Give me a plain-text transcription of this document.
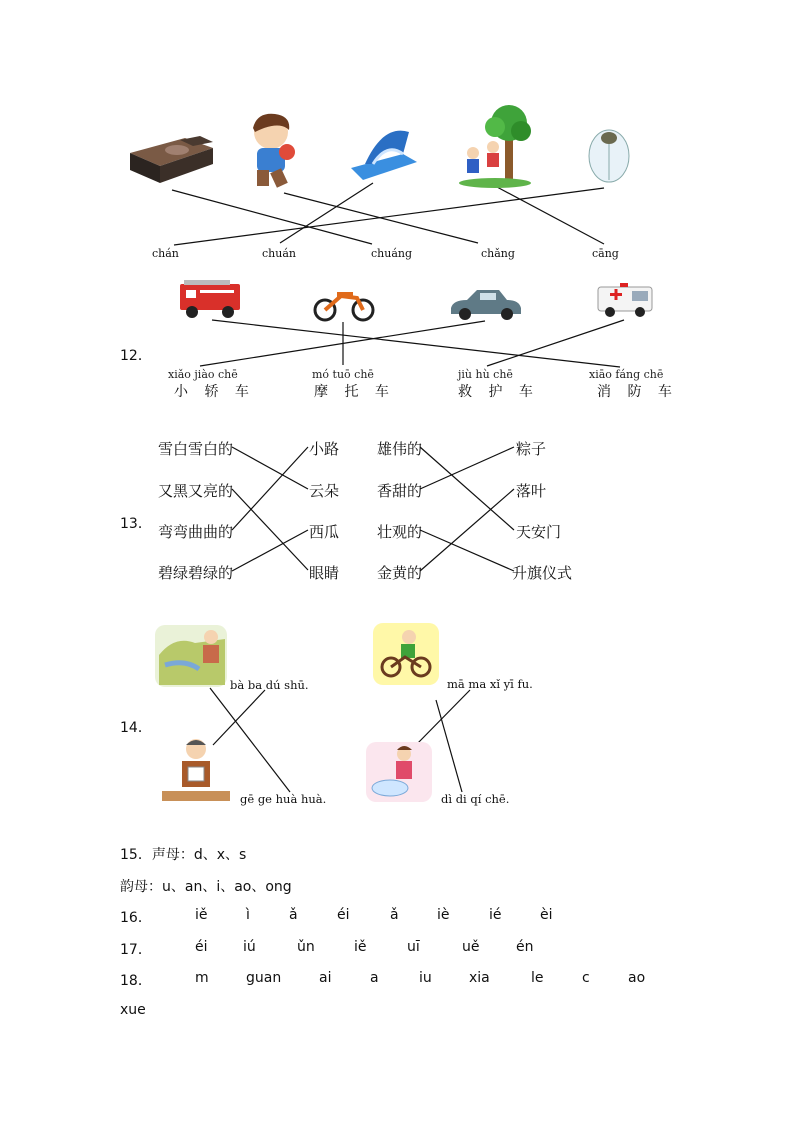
chán	chuán	chuáng	chǎng	cāng
12．
xiǎo jiào chē
小 轿 车
mó tuō chē
摩 托 车
jiù hù chē
救 护 车
xiāo fáng chē
消 防 车
13．
雪白雪白的
又黑又亮的
弯弯曲曲的
碧绿碧绿的
小路
云朵
西瓜
眼睛
雄伟的
香甜的
壮观的
金黄的
粽子
落叶
天安门
升旗仪式
14．
bà ba dú shū.	mā ma xǐ yī fu.
gē ge huà huà.	dì di qí chē.
15．声母：d、x、s
韵母：u、an、i、ao、ong
16．	iě	ì	ǎ	éi	ǎ	iè	ié	èi
17．	éi	iú	ǔn	iě	uī	uě	én
18．	m	guan	ai	a	iu	xia	le	c	ao
xue
